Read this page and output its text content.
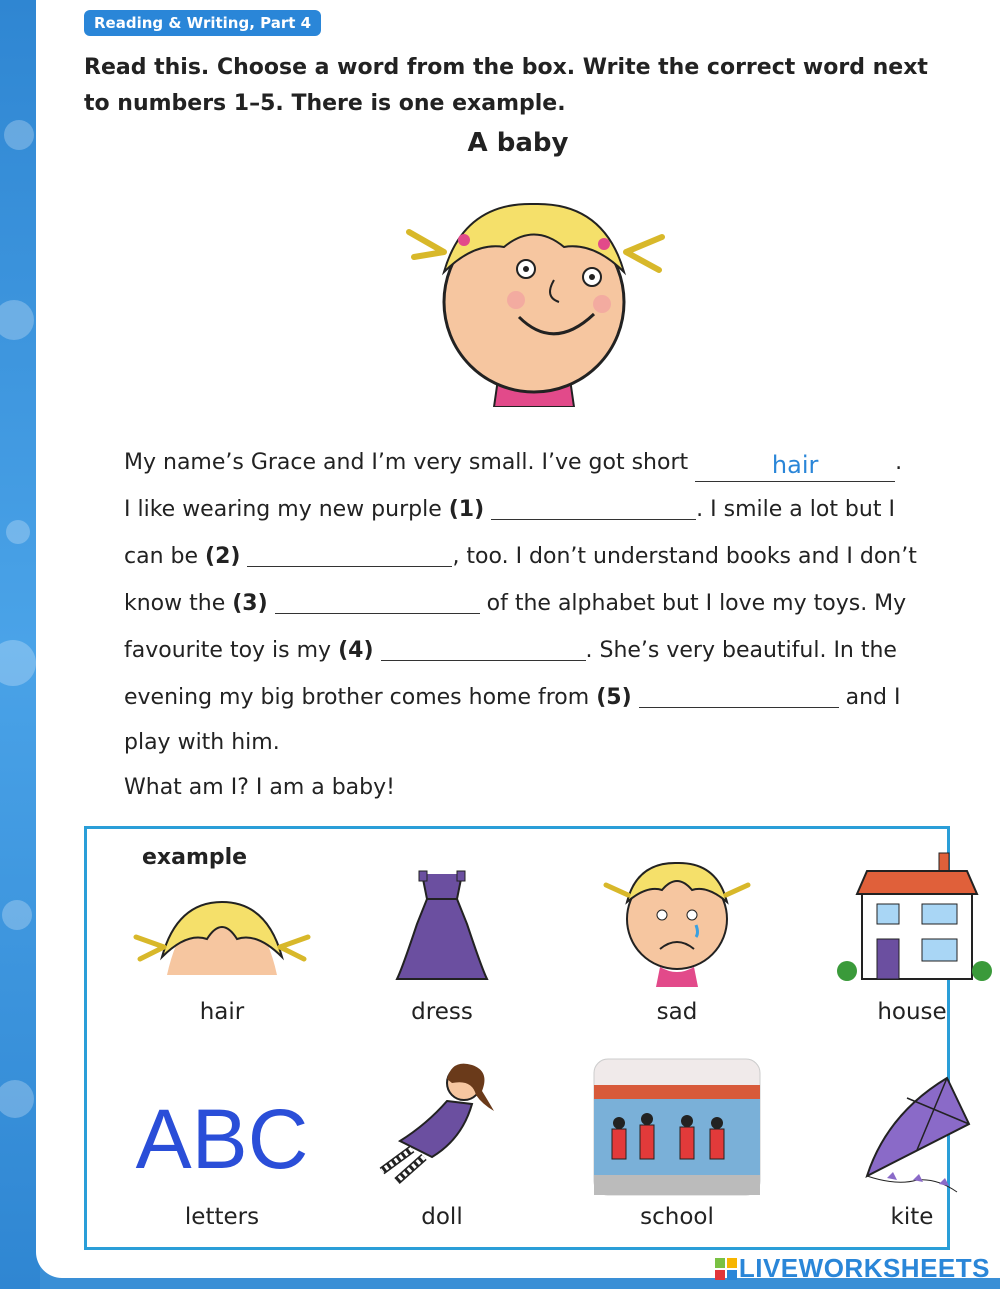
Reading & Writing, Part 4
Read this. Choose a word from the box. Write the correct word next to numbers 1–5. There is one example.
A baby

My name’s Grace and I’m very small. I’ve got short	hair	.

I like wearing my new purple (1)	. I smile a lot but I

can be (2)	, too. I don’t understand books and I don’t

know the (3)	of the alphabet but I love my toys. My

favourite toy is my (4)	. She’s very beautiful. In the

evening my big brother comes home from (5)	and I

play with him.

What am I? I am a baby!
example
hair	dress	sad	house
ABC
letters	doll	school	kite
LIVEWORKSHEETS
